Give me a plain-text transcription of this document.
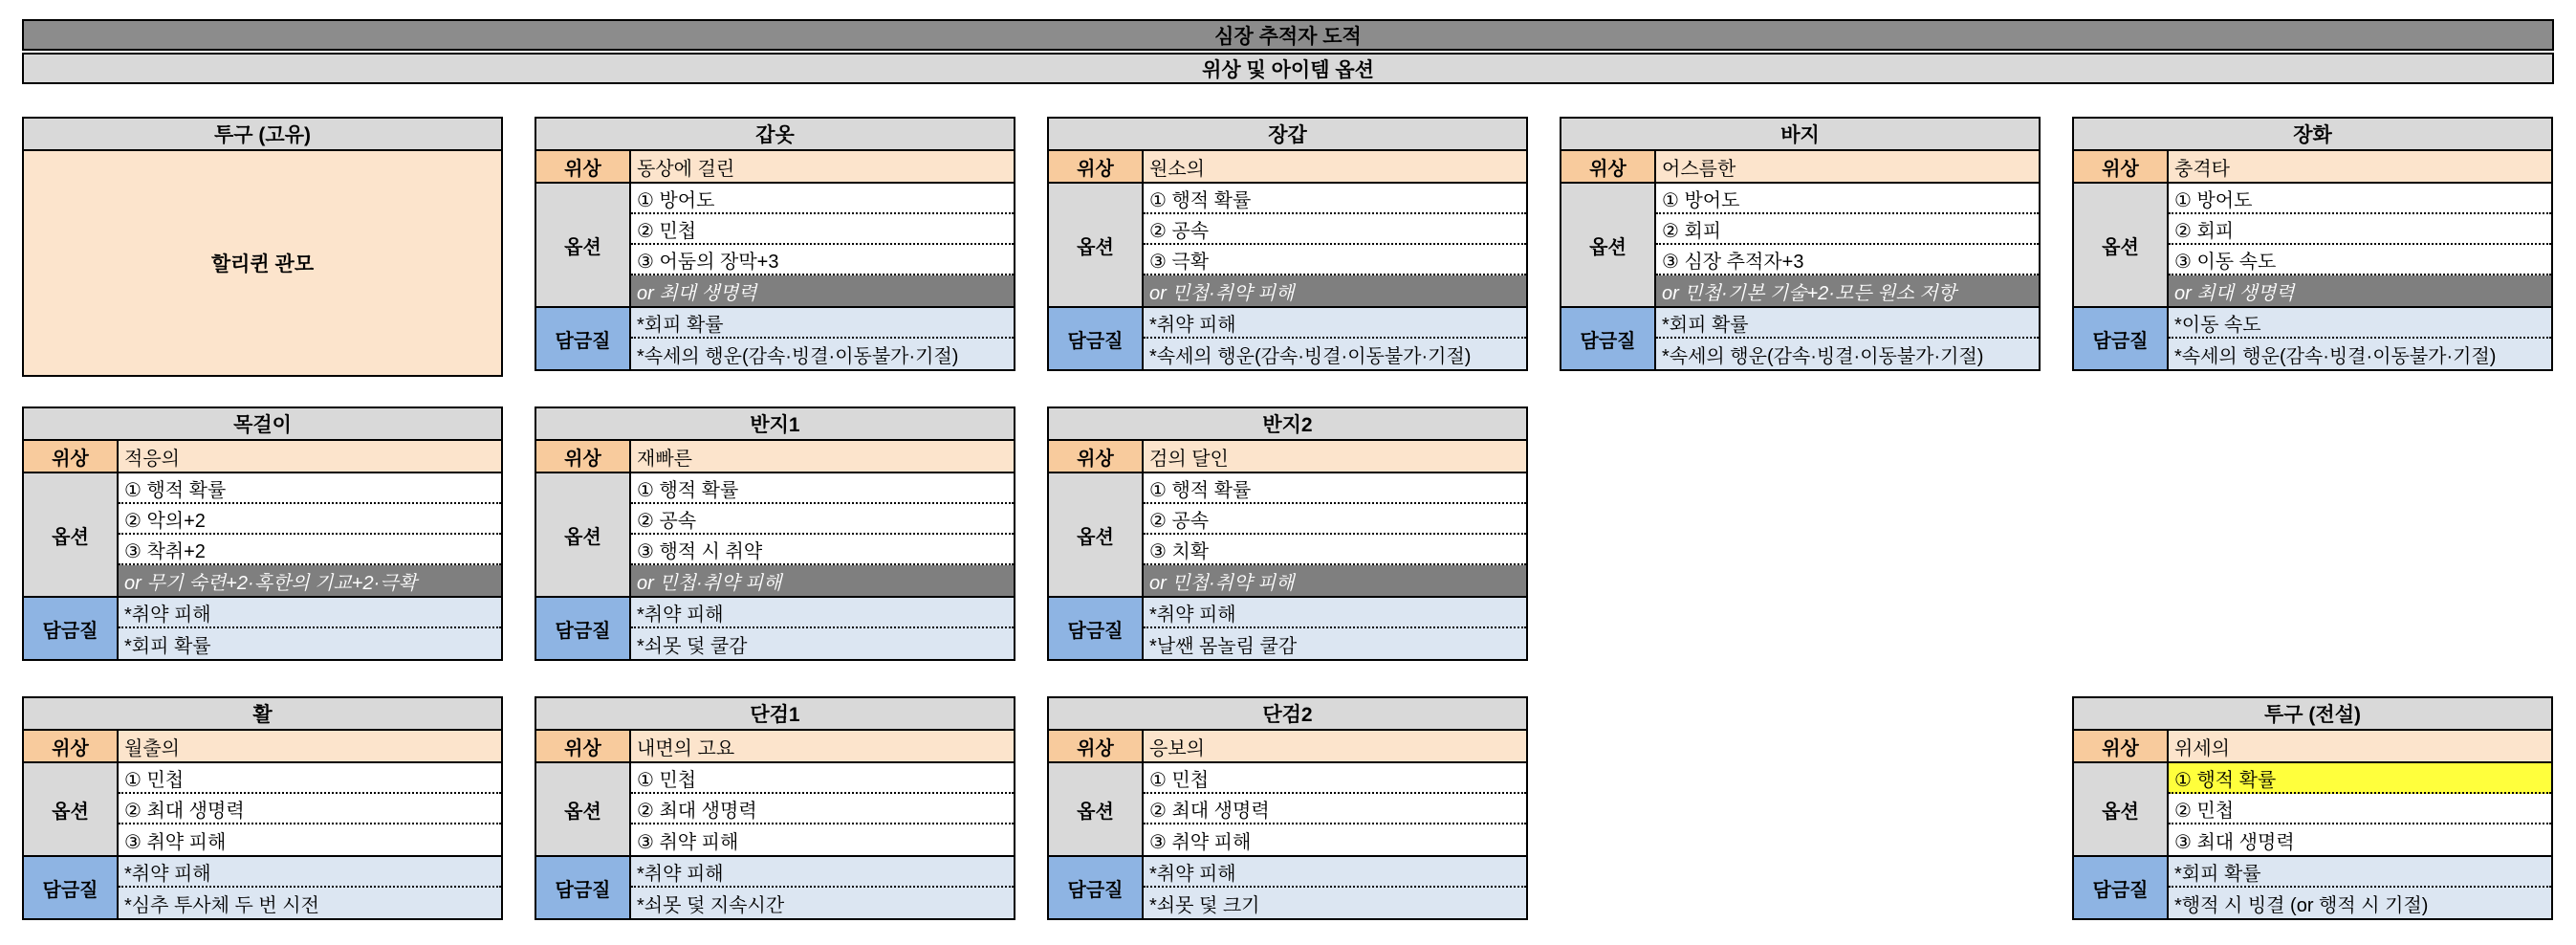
심장 추적자 도적
위상 및 아이템 옵션
투구 (고유)
할리퀸 관모
갑옷
위상	동상에 걸린
옵션
① 방어도
② 민첩
③ 어둠의 장막+3
or 최대 생명력
담금질
*회피 확률
*속세의 행운(감속·빙결·이동불가·기절)
장갑
위상	원소의
옵션
① 행적 확률
② 공속
③ 극확
or 민첩·취약 피해
담금질
*취약 피해
*속세의 행운(감속·빙결·이동불가·기절)
바지
위상	어스름한
옵션
① 방어도
② 회피
③ 심장 추적자+3
or 민첩·기본 기술+2·모든 원소 저항
담금질
*회피 확률
*속세의 행운(감속·빙결·이동불가·기절)
장화
위상	충격타
옵션
① 방어도
② 회피
③ 이동 속도
or 최대 생명력
담금질
*이동 속도
*속세의 행운(감속·빙결·이동불가·기절)
목걸이
위상	적응의
옵션
① 행적 확률
② 악의+2
③ 착취+2
or 무기 숙련+2·혹한의 기교+2·극확
담금질
*취약 피해
*회피 확률
반지1
위상	재빠른
옵션
① 행적 확률
② 공속
③ 행적 시 취약
or 민첩·취약 피해
담금질
*취약 피해
*쇠못 덫 쿨감
반지2
위상	검의 달인
옵션
① 행적 확률
② 공속
③ 치확
or 민첩·취약 피해
담금질
*취약 피해
*날쌘 몸놀림 쿨감
활
위상	월출의
옵션
① 민첩
② 최대 생명력
③ 취약 피해
담금질
*취약 피해
*심추 투사체 두 번 시전
단검1
위상	내면의 고요
옵션
① 민첩
② 최대 생명력
③ 취약 피해
담금질
*취약 피해
*쇠못 덫 지속시간
단검2
위상	응보의
옵션
① 민첩
② 최대 생명력
③ 취약 피해
담금질
*취약 피해
*쇠못 덫 크기
투구 (전설)
위상	위세의
옵션
① 행적 확률
② 민첩
③ 최대 생명력
담금질
*회피 확률
*행적 시 빙결 (or 행적 시 기절)
